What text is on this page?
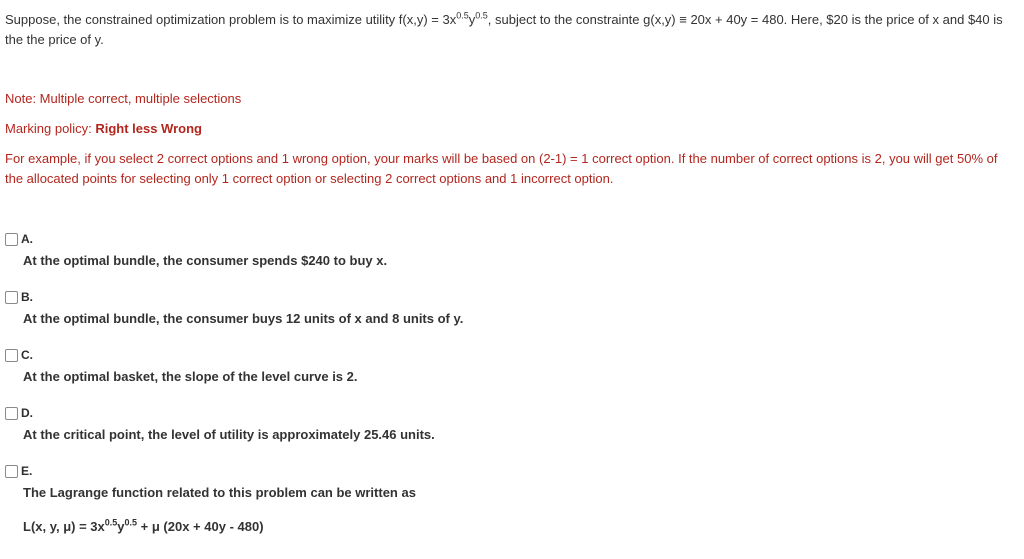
Suppose, the constrained optimization problem is to maximize utility $f(x,y) = 3x^{0.5}y^{0.5}$, subject to the constrainte g(x,y) ≡ 20x + 40y = 480. Here, $20 is the price of x and $40 is the the price of y.

Note: Multiple correct, multiple selections

Marking policy: Right less Wrong

For example, if you select 2 correct options and 1 wrong option, your marks will be based on (2-1) = 1 correct option. If the number of correct options is 2, you will get 50% of the allocated points for selecting only 1 correct option or selecting 2 correct options and 1 incorrect option.

A.

At the optimal bundle, the consumer spends $240 to buy x.

B.

At the optimal bundle, the consumer buys 12 units of x and 8 units of y.

C.

At the optimal basket, the slope of the level curve is 2.

D.

At the critical point, the level of utility is approximately 25.46 units.

E.

The Lagrange function related to this problem can be written as

L(x, y, $\mu) = 3x^{0.5}y^{0.5} + \mu$ (20x + 40y - 480)
